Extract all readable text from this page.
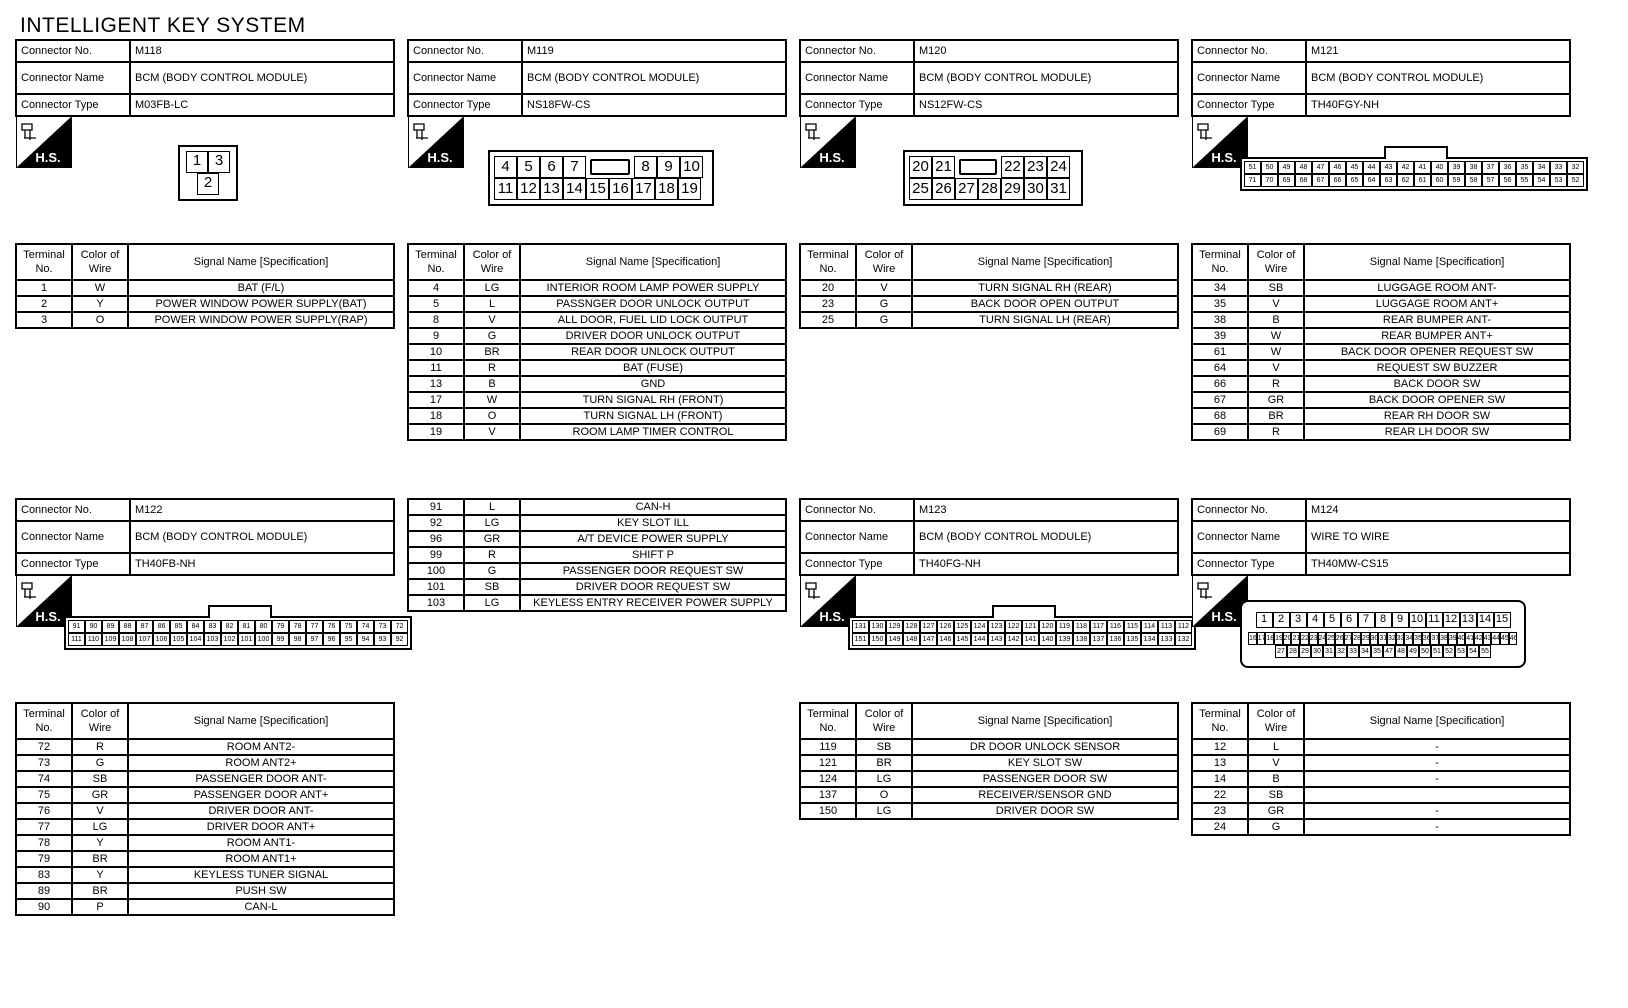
INTELLIGENT KEY SYSTEM
Connector No.	M118
Connector Name	BCM (BODY CONTROL MODULE)
Connector Type	M03FB-LC
H.S.	1 3
2
Terminal No.	Color of Wire	Signal Name [Specification]
1	W	BAT (F/L)
2	Y	POWER WINDOW POWER SUPPLY(BAT)
3	O	POWER WINDOW POWER SUPPLY(RAP)
Connector No.	M122
Connector Name	BCM (BODY CONTROL MODULE)
Connector Type	TH40FB-NH
H.S.
91	90	89	88	87	86	85	84	83	82	81	80	79	78	77	76	75	74	73	72
111 110 109 108 107 106 105 104 103 102 101 100	99	98	97	96	95	94	93	92
Terminal No.	Color of Wire	Signal Name [Specification]
72	R	ROOM ANT2-
73	G	ROOM ANT2+
74	SB	PASSENGER DOOR ANT-
75	GR	PASSENGER DOOR ANT+
76	V	DRIVER DOOR ANT-
77	LG	DRIVER DOOR ANT+
78	Y	ROOM ANT1-
79	BR	ROOM ANT1+
83	Y	KEYLESS TUNER SIGNAL
89	BR	PUSH SW
90	P	CAN-L
Connector No.	M119
Connector Name	BCM (BODY CONTROL MODULE)
Connector Type	NS18FW-CS
H.S.
4 5 6 7	8 9 10
11 12 13 14 15 16 17 18 19
Terminal No.	Color of Wire	Signal Name [Specification]
4	LG	INTERIOR ROOM LAMP POWER SUPPLY
5	L	PASSNGER DOOR UNLOCK OUTPUT
8	V	ALL DOOR, FUEL LID LOCK OUTPUT
9	G	DRIVER DOOR UNLOCK OUTPUT
10	BR	REAR DOOR UNLOCK OUTPUT
11	R	BAT (FUSE)
13	B	GND
17	W	TURN SIGNAL RH (FRONT)
18	O	TURN SIGNAL LH (FRONT)
19	V	ROOM LAMP TIMER CONTROL
91	L	CAN-H
92	LG	KEY SLOT ILL
96	GR	A/T DEVICE POWER SUPPLY
99	R	SHIFT P
100	G	PASSENGER DOOR REQUEST SW
101	SB	DRIVER DOOR REQUEST SW
103	LG	KEYLESS ENTRY RECEIVER POWER SUPPLY
Connector No.	M120
Connector Name	BCM (BODY CONTROL MODULE)
Connector Type	NS12FW-CS
H.S.
20 21	22 23 24
25 26 27 28 29 30 31
Terminal No.	Color of Wire	Signal Name [Specification]
20	V	TURN SIGNAL RH (REAR)
23	G	BACK DOOR OPEN OUTPUT
25	G	TURN SIGNAL LH (REAR)
Connector No.	M123
Connector Name	BCM (BODY CONTROL MODULE)
Connector Type	TH40FG-NH
H.S.
131 130 129 128 127 126 125 124 123 122 121 120 119 118 117 116 115 114 113 112
151 150 149 148 147 146 145 144 143 142 141 140 139 138 137 136 135 134 133 132
Terminal No.	Color of Wire	Signal Name [Specification]
119	SB	DR DOOR UNLOCK SENSOR
121	BR	KEY SLOT SW
124	LG	PASSENGER DOOR SW
137	O	RECEIVER/SENSOR GND
150	LG	DRIVER DOOR SW
Connector No.	M121
Connector Name	BCM (BODY CONTROL MODULE)
Connector Type	TH40FGY-NH
H.S.
51	50	49	48	47	46	45	44	43	42	41	40	39	38	37	36	35	34	33	32
71	70	69	68	67	66	65	64	63	62	61	60	59	58	57	56	55	54	53	52
Terminal No.	Color of Wire	Signal Name [Specification]
34	SB	LUGGAGE ROOM ANT-
35	V	LUGGAGE ROOM ANT+
38	B	REAR BUMPER ANT-
39	W	REAR BUMPER ANT+
61	W	BACK DOOR OPENER REQUEST SW
64	V	REQUEST SW BUZZER
66	R	BACK DOOR SW
67	GR	BACK DOOR OPENER SW
68	BR	REAR RH DOOR SW
69	R	REAR LH DOOR SW
Connector No.	M124
Connector Name	WIRE TO WIRE
Connector Type	TH40MW-CS15
H.S.	1 2 3 4 5 6 7 8 9 10 11 12 13 14 15
16 17 18 19 20 21 22 23 24 25 26 27 28 29 30 31 32 33 34 35 36 37 38 39 40 41 42 43 44 45 46
27 28 29 30 31 32 33 34 35 47 48 49 50 51 52 53 54 55
Terminal No.	Color of Wire	Signal Name [Specification]
12	L	-
13	V	-
14	B	-
22	SB	
23	GR	-
24	G	-
